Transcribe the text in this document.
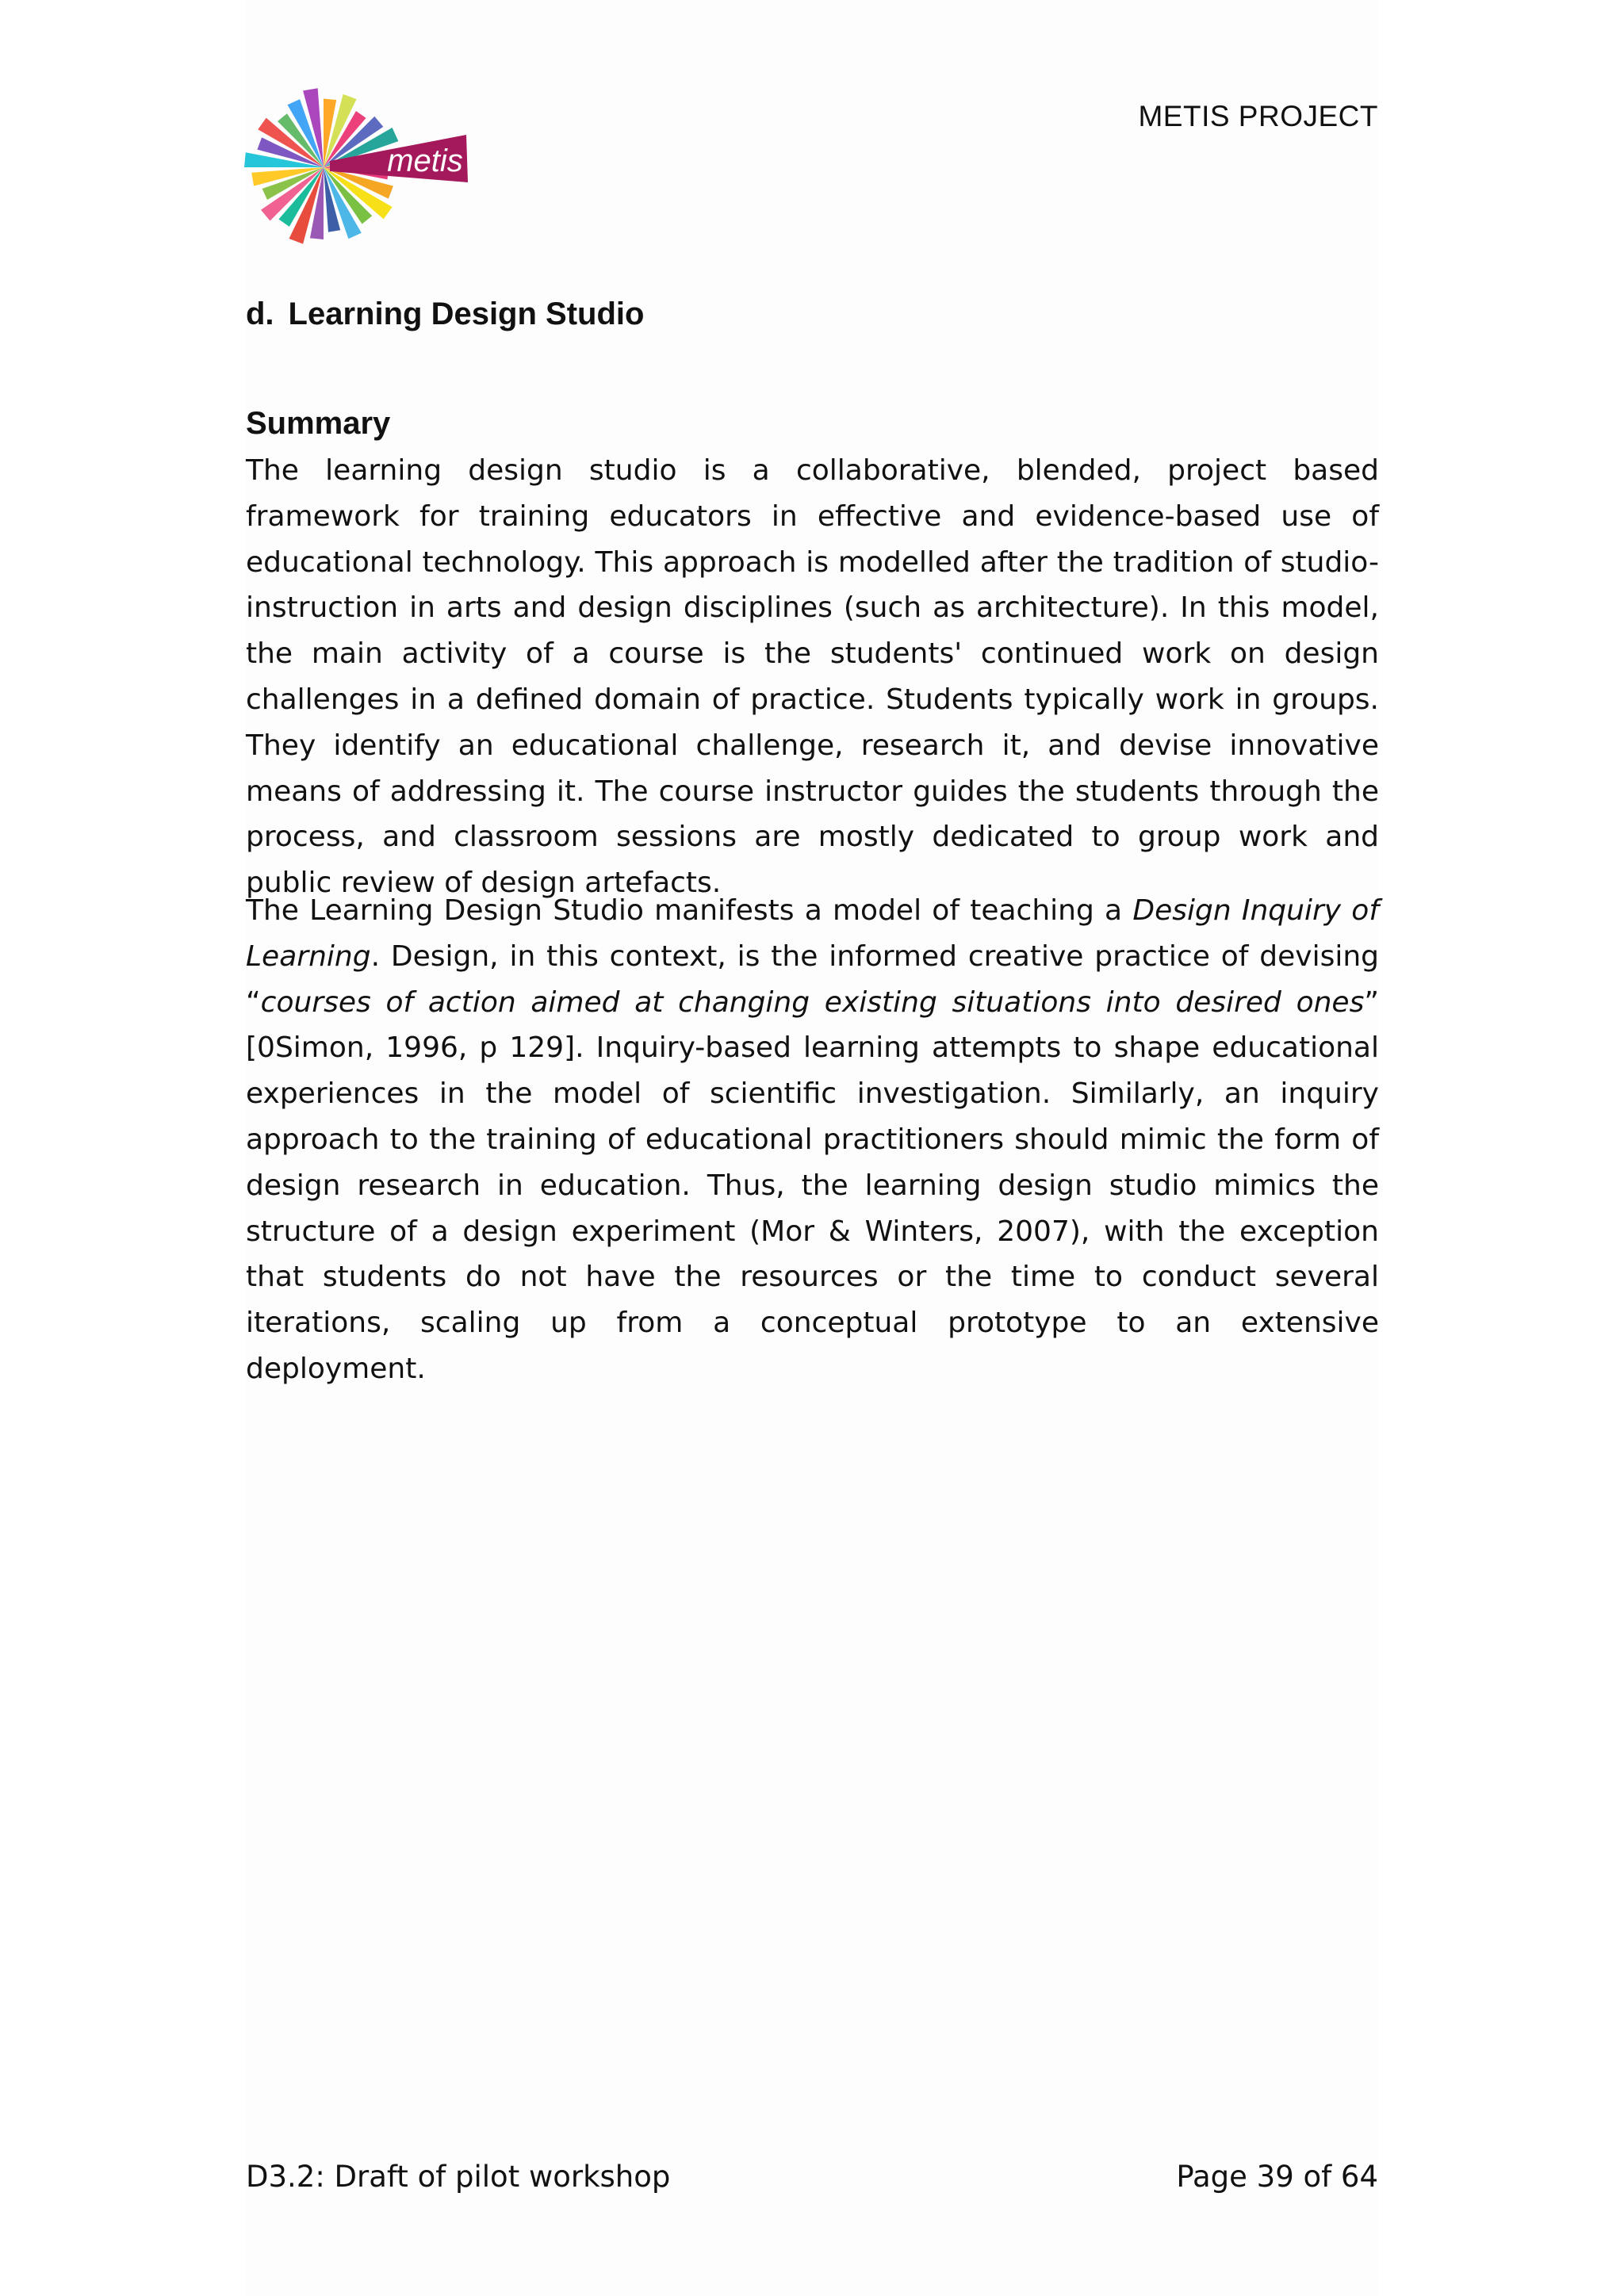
metis
METIS PROJECT
d. Learning Design Studio
Summary

The learning design studio is a collaborative, blended, project based framework for training educators in effective and evidence-based use of educational technology. This approach is modelled after the tradition of studio-instruction in arts and design disciplines (such as architecture). In this model, the main activity of a course is the students' continued work on design challenges in a defined domain of practice. Students typically work in groups. They identify an educational challenge, research it, and devise innovative means of addressing it. The course instructor guides the students through the process, and classroom sessions are mostly dedicated to group work and public review of design artefacts.

The Learning Design Studio manifests a model of teaching a Design Inquiry of Learning. Design, in this context, is the informed creative practice of devising “courses of action aimed at changing existing situations into desired ones” [0Simon, 1996, p 129]. Inquiry-based learning attempts to shape educational experiences in the model of scientific investigation. Similarly, an inquiry approach to the training of educational practitioners should mimic the form of design research in education. Thus, the learning design studio mimics the structure of a design experiment (Mor & Winters, 2007), with the exception that students do not have the resources or the time to conduct several iterations, scaling up from a conceptual prototype to an extensive deployment.

D3.2: Draft of pilot workshop	Page 39 of 64
